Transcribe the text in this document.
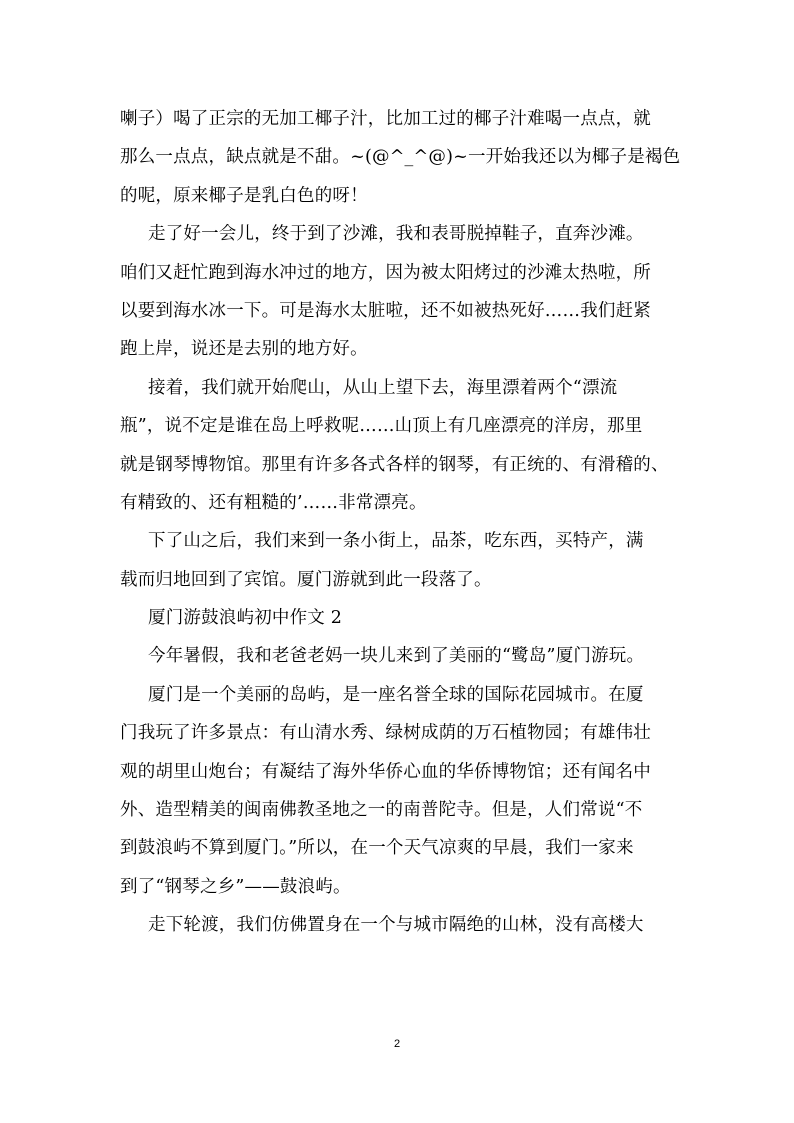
喇子）喝了正宗的无加工椰子汁，比加工过的椰子汁难喝一点点，就
那么一点点，缺点就是不甜。~(@^_^@)~一开始我还以为椰子是褐色
的呢，原来椰子是乳白色的呀！
走了好一会儿，终于到了沙滩，我和表哥脱掉鞋子，直奔沙滩。
咱们又赶忙跑到海水冲过的地方，因为被太阳烤过的沙滩太热啦，所
以要到海水冰一下。可是海水太脏啦，还不如被热死好……我们赶紧
跑上岸，说还是去别的地方好。
接着，我们就开始爬山，从山上望下去，海里漂着两个“漂流
瓶”，说不定是谁在岛上呼救呢……山顶上有几座漂亮的洋房，那里
就是钢琴博物馆。那里有许多各式各样的钢琴，有正统的、有滑稽的、
有精致的、还有粗糙的’……非常漂亮。
下了山之后，我们来到一条小街上，品茶，吃东西，买特产，满
载而归地回到了宾馆。厦门游就到此一段落了。
厦门游鼓浪屿初中作文 2
今年暑假，我和老爸老妈一块儿来到了美丽的“鹭岛”厦门游玩。
厦门是一个美丽的岛屿，是一座名誉全球的国际花园城市。在厦
门我玩了许多景点：有山清水秀、绿树成荫的万石植物园；有雄伟壮
观的胡里山炮台；有凝结了海外华侨心血的华侨博物馆；还有闻名中
外、造型精美的闽南佛教圣地之一的南普陀寺。但是，人们常说“不
到鼓浪屿不算到厦门。”所以，在一个天气凉爽的早晨，我们一家来
到了“钢琴之乡”——鼓浪屿。
走下轮渡，我们仿佛置身在一个与城市隔绝的山林，没有高楼大
2
